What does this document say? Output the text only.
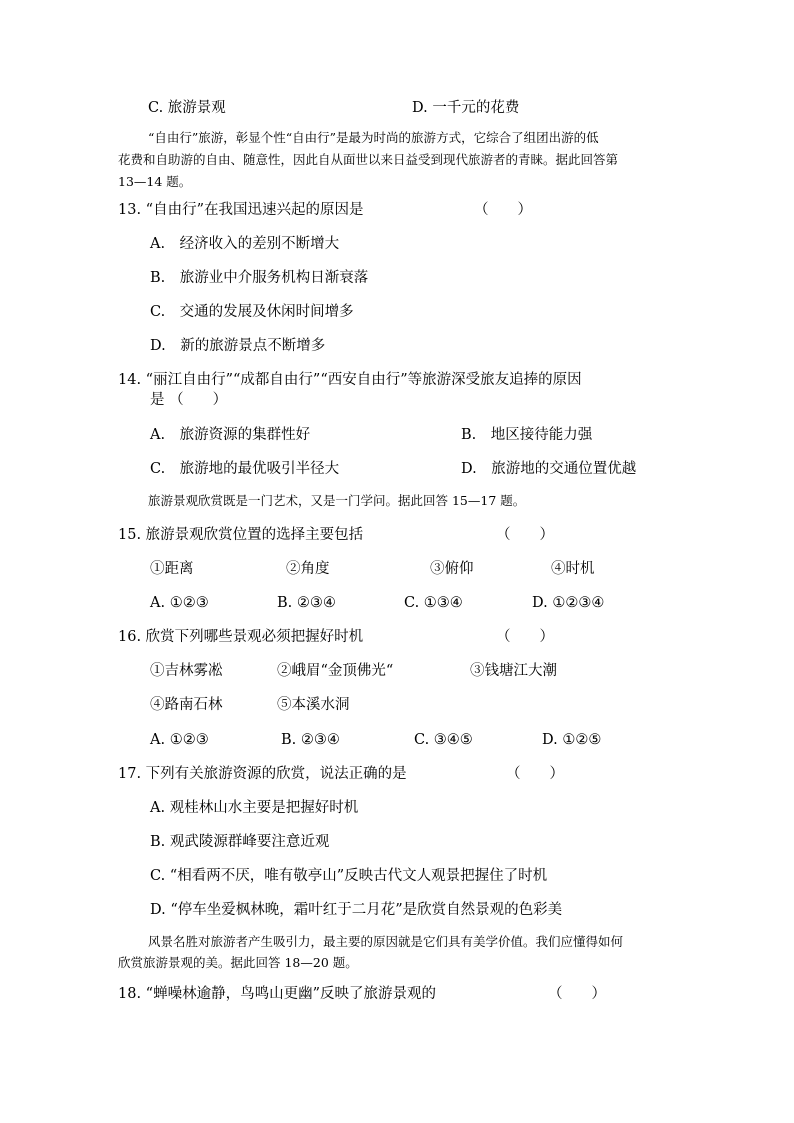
C. 旅游景观	D. 一千元的花费
“自由行”旅游，彰显个性“自由行”是最为时尚的旅游方式，它综合了组团出游的低
花费和自助游的自由、随意性，因此自从面世以来日益受到现代旅游者的青睐。据此回答第
13—14 题。
13. “自由行”在我国迅速兴起的原因是	（　　）
A.　经济收入的差别不断增大
B.　旅游业中介服务机构日渐衰落
C.　交通的发展及休闲时间增多
D.　新的旅游景点不断增多
14. “丽江自由行”“成都自由行”“西安自由行”等旅游深受旅友追捧的原因
是 （　　）
A.　旅游资源的集群性好	B.　地区接待能力强
C.　旅游地的最优吸引半径大	D.　旅游地的交通位置优越
旅游景观欣赏既是一门艺术，又是一门学问。据此回答 15—17 题。
15. 旅游景观欣赏位置的选择主要包括	（　　）
①距离	②角度	③俯仰	④时机
A. ①②③	B. ②③④	C. ①③④	D. ①②③④
16. 欣赏下列哪些景观必须把握好时机	（　　）
①吉林雾凇	②峨眉“金顶佛光“	③钱塘江大潮
④路南石林	⑤本溪水洞
A. ①②③	B. ②③④	C. ③④⑤	D. ①②⑤
17. 下列有关旅游资源的欣赏，说法正确的是	（　　）
A. 观桂林山水主要是把握好时机
B. 观武陵源群峰要注意近观
C. “相看两不厌，唯有敬亭山”反映古代文人观景把握住了时机
D. “停车坐爱枫林晚，霜叶红于二月花”是欣赏自然景观的色彩美
风景名胜对旅游者产生吸引力，最主要的原因就是它们具有美学价值。我们应懂得如何
欣赏旅游景观的美。据此回答 18—20 题。
18. “蝉噪林逾静，鸟鸣山更幽”反映了旅游景观的	（　　）
